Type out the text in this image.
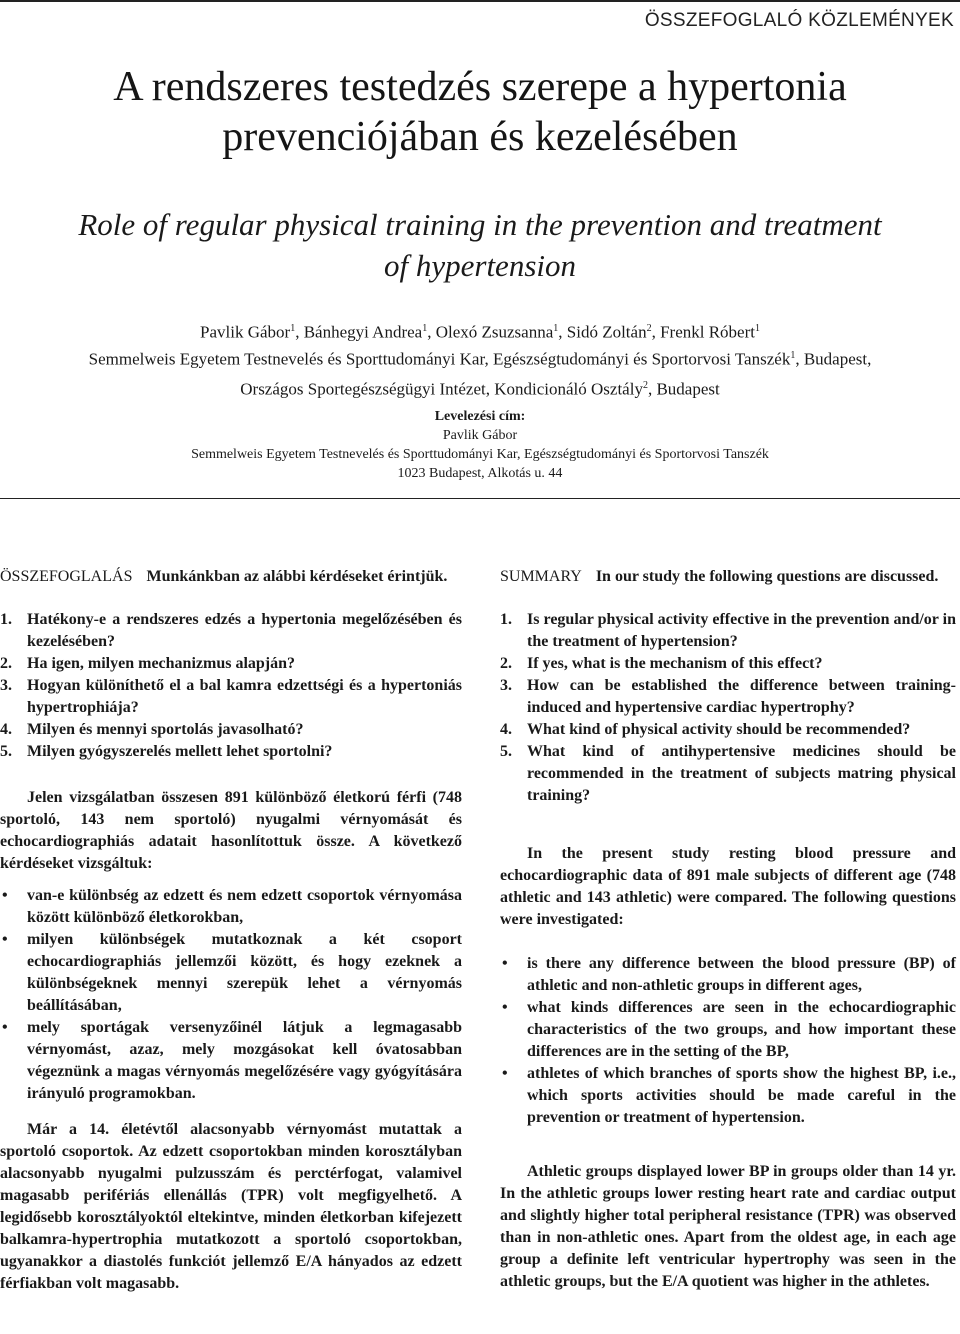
ÖSSZEFOGLALÓ KÖZLEMÉNYEK
A rendszeres testedzés szerepe a hypertonia
prevenciójában és kezelésében
Role of regular physical training in the prevention and treatment
of hypertension
Pavlik Gábor$^1$, Bánhegyi Andrea$^1$, Olexó Zsuzsanna$^1$, Sidó Zoltán$^2$, Frenkl Róbert$^1$
Semmelweis Egyetem Testnevelés és Sporttudományi Kar, Egészségtudományi és Sportorvosi Tanszék$^1$, Budapest,
Országos Sportegészségügyi Intézet, Kondicionáló Osztály$^2$, Budapest
Levelezési cím:
Pavlik Gábor
Semmelweis Egyetem Testnevelés és Sporttudományi Kar, Egészségtudományi és Sportorvosi Tanszék
1023 Budapest, Alkotás u. 44
ÖSSZEFOGLALÁS Munkánkban az alábbi kérdéseket érintjük.
1. Hatékony-e a rendszeres edzés a hypertonia megelőzésében és kezelésében?
2. Ha igen, milyen mechanizmus alapján?
3. Hogyan különíthető el a bal kamra edzettségi és a hypertoniás hypertrophiája?
4. Milyen és mennyi sportolás javasolható?
5. Milyen gyógyszerelés mellett lehet sportolni?

Jelen vizsgálatban összesen 891 különböző életkorú férfi (748 sportoló, 143 nem sportoló) nyugalmi vérnyomását és echocardiographiás adatait hasonlítottuk össze. A következő kérdéseket vizsgáltuk:

• van-e különbség az edzett és nem edzett csoportok vérnyomása között különböző életkorokban,
• milyen különbségek mutatkoznak a két csoport echocardiographiás jellemzői között, és hogy ezeknek a különbségeknek mennyi szerepük lehet a vérnyomás beállításában,
• mely sportágak versenyzőinél látjuk a legmagasabb vérnyomást, azaz, mely mozgásokat kell óvatosabban végeznünk a magas vérnyomás megelőzésére vagy gyógyítására irányuló programokban.

Már a 14. életévtől alacsonyabb vérnyomást mutattak a sportoló csoportok. Az edzett csoportokban minden korosztályban alacsonyabb nyugalmi pulzusszám és perctérfogat, valamivel magasabb perifériás ellenállás (TPR) volt megfigyelhető. A legidősebb korosztályoktól eltekintve, minden életkorban kifejezett balkamra-hypertrophia mutatkozott a sportoló csoportokban, ugyanakkor a diastolés funkciót jellemző E/A hányados az edzett férfiakban volt magasabb.

SUMMARY In our study the following questions are discussed.
1. Is regular physical activity effective in the prevention and/or in the treatment of hypertension?
2. If yes, what is the mechanism of this effect?
3. How can be established the difference between training-induced and hypertensive cardiac hypertrophy?
4. What kind of physical activity should be recommended?
5. What kind of antihypertensive medicines should be recommended in the treatment of subjects matring physical training?

In the present study resting blood pressure and echocardiographic data of 891 male subjects of different age (748 athletic and 143 athletic) were compared. The following questions were investigated:

• is there any difference between the blood pressure (BP) of athletic and non-athletic groups in different ages,
• what kinds differences are seen in the echocardiographic characteristics of the two groups, and how important these differences are in the setting of the BP,
• athletes of which branches of sports show the highest BP, i.e., which sports activities should be made careful in the prevention or treatment of hypertension.

Athletic groups displayed lower BP in groups older than 14 yr. In the athletic groups lower resting heart rate and cardiac output and slightly higher total peripheral resistance (TPR) was observed than in non-athletic ones. Apart from the oldest age, in each age group a definite left ventricular hypertrophy was seen in the athletic groups, but the E/A quotient was higher in the athletes.
